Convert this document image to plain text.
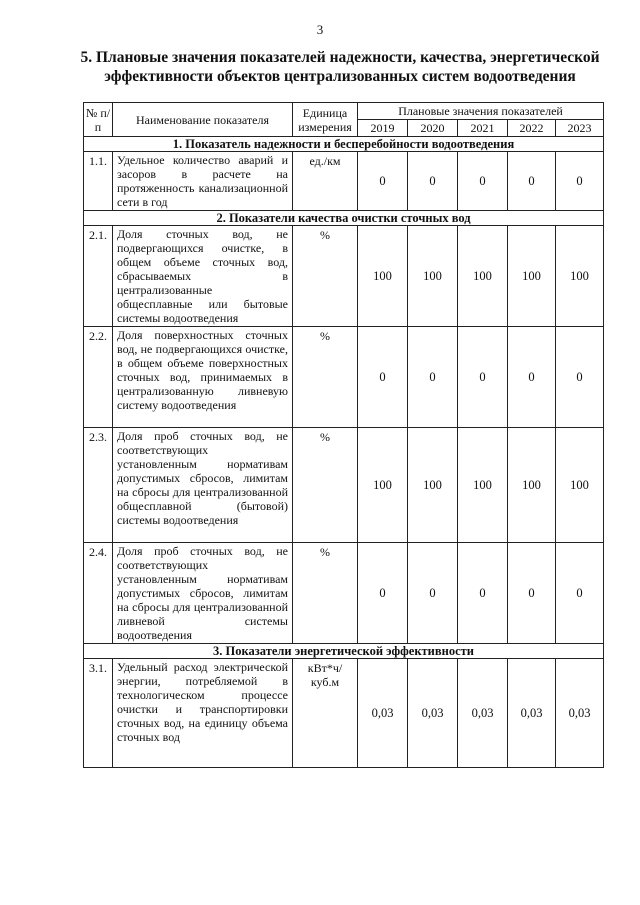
3
5. Плановые значения показателей надежности, качества, энергетической эффективности объектов централизованных систем водоотведения
№ п/п	Наименование показателя	Единица измерения	Плановые значения показателей				
			2019	2020	2021	2022	2023
1. Показатель надежности и бесперебойности водоотведения							
1.1.	Удельное количество аварий и засоров в расчете на протяженность канализационной сети в год	ед./км	0	0	0	0	0
2. Показатели качества очистки сточных вод							
2.1.	Доля сточных вод, не подвергающихся очистке, в общем объеме сточных вод, сбрасываемых в централизованные общесплавные или бытовые системы водоотведения	%	100	100	100	100	100
2.2.	Доля поверхностных сточных вод, не подвергающихся очистке, в общем объеме поверхностных сточных вод, принимаемых в централизованную ливневую систему водоотведения	%	0	0	0	0	0
2.3.	Доля проб сточных вод, не соответствующих установленным нормативам допустимых сбросов, лимитам на сбросы для централизованной общесплавной (бытовой) системы водоотведения	%	100	100	100	100	100
2.4.	Доля проб сточных вод, не соответствующих установленным нормативам допустимых сбросов, лимитам на сбросы для централизованной ливневой системы водоотведения	%	0	0	0	0	0
3. Показатели энергетической эффективности							
3.1.	Удельный расход электрической энергии, потребляемой в технологическом процессе очистки и транспортировки сточных вод, на единицу объема сточных вод	кВт*ч/ куб.м	0,03	0,03	0,03	0,03	0,03
